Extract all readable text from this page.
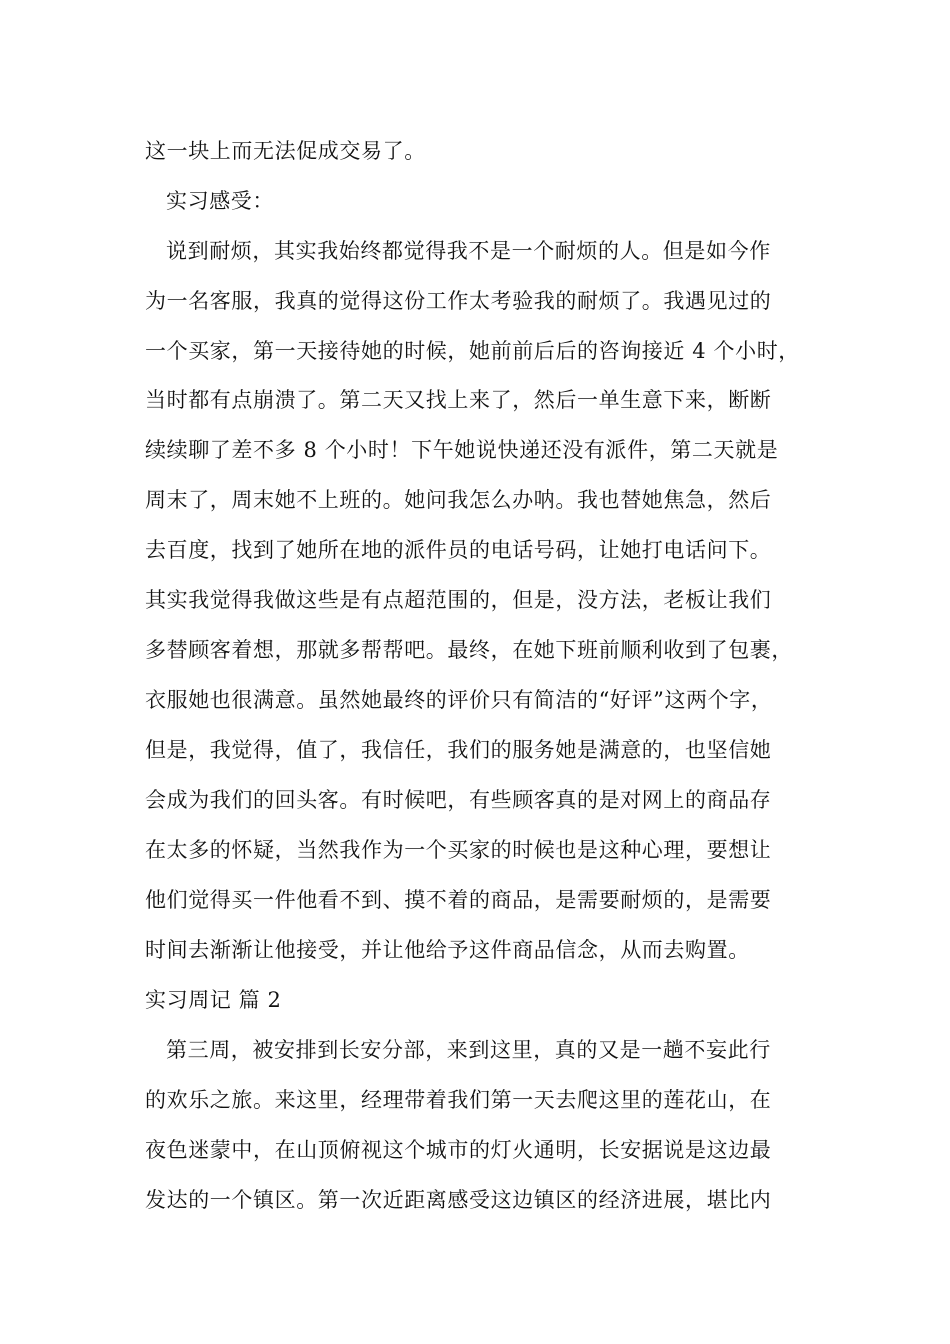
这一块上而无法促成交易了。
实习感受：
说到耐烦，其实我始终都觉得我不是一个耐烦的人。但是如今作
为一名客服，我真的觉得这份工作太考验我的耐烦了。我遇见过的
一个买家，第一天接待她的时候，她前前后后的咨询接近 4 个小时，
当时都有点崩溃了。第二天又找上来了，然后一单生意下来，断断
续续聊了差不多 8 个小时！下午她说快递还没有派件，第二天就是
周末了，周末她不上班的。她问我怎么办呐。我也替她焦急，然后
去百度，找到了她所在地的派件员的电话号码，让她打电话问下。
其实我觉得我做这些是有点超范围的，但是，没方法，老板让我们
多替顾客着想，那就多帮帮吧。最终，在她下班前顺利收到了包裹，
衣服她也很满意。虽然她最终的评价只有简洁的“好评”这两个字，
但是，我觉得，值了，我信任，我们的服务她是满意的，也坚信她
会成为我们的回头客。有时候吧，有些顾客真的是对网上的商品存
在太多的怀疑，当然我作为一个买家的时候也是这种心理，要想让
他们觉得买一件他看不到、摸不着的商品，是需要耐烦的，是需要
时间去渐渐让他接受，并让他给予这件商品信念，从而去购置。
实习周记 篇 2
第三周，被安排到长安分部，来到这里，真的又是一趟不妄此行
的欢乐之旅。来这里，经理带着我们第一天去爬这里的莲花山，在
夜色迷蒙中，在山顶俯视这个城市的灯火通明，长安据说是这边最
发达的一个镇区。第一次近距离感受这边镇区的经济进展，堪比内
